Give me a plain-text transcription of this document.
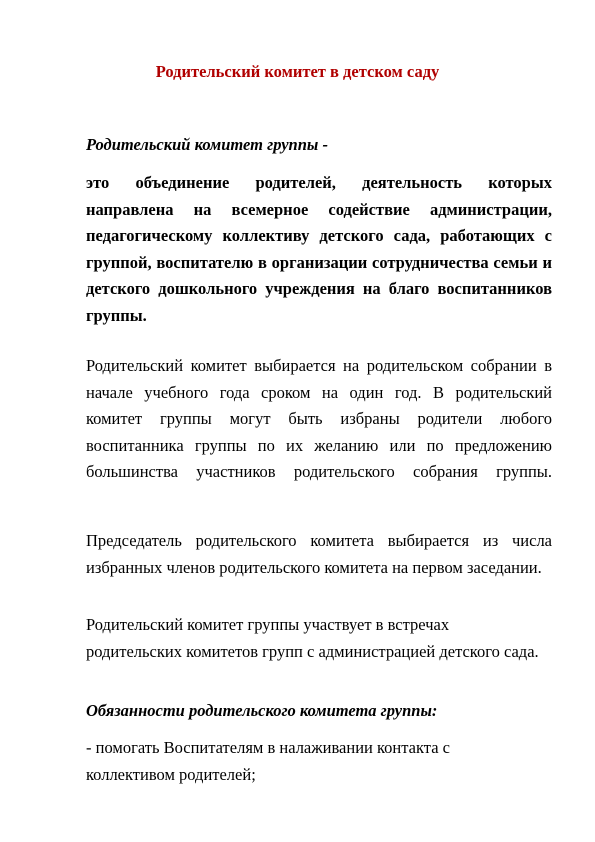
Родительский комитет в детском саду

Родительский комитет группы -

это объединение родителей, деятельность которых направлена на всемерное содействие администрации, педагогическому коллективу детского сада, работающих с группой, воспитателю в организации сотрудничества семьи и детского дошкольного учреждения на благо воспитанников группы.

Родительский комитет выбирается на родительском собрании в начале учебного года сроком на один год. В родительский комитет группы могут быть избраны родители любого воспитанника группы по их желанию или по предложению большинства участников родительского собрания группы.

Председатель родительского комитета выбирается из числа избранных членов родительского комитета на первом заседании.

Родительский комитет группы участвует в встречах родительских комитетов групп с администрацией детского сада.

Обязанности родительского комитета группы:

- помогать Воспитателям в налаживании контакта с коллективом родителей;
